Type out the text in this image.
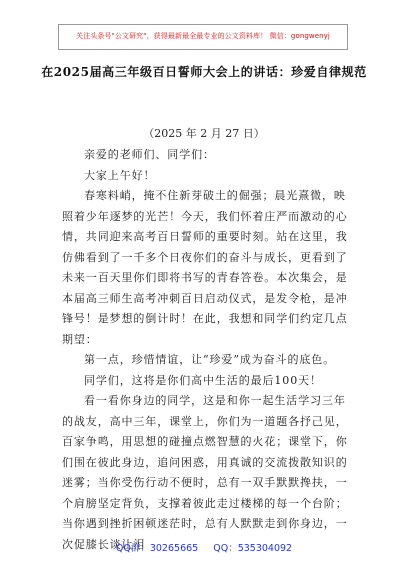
关注头条号"公文研究"，获得最新最全最专业的公文资料库！ 微信：gongwenyj
在2025届高三年级百日誓师大会上的讲话：珍爱自律规范
（2025 年 2 月 27 日）

亲爱的老师们、同学们：

大家上午好！

春寒料峭，掩不住新芽破土的倔强；晨光熹微，映照着少年逐梦的光芒！今天，我们怀着庄严而激动的心情，共同迎来高考百日誓师的重要时刻。站在这里，我仿佛看到了一千多个日夜你们的奋斗与成长，更看到了未来一百天里你们即将书写的青春答卷。本次集会，是本届高三师生高考冲刺百日启动仪式，是发令枪，是冲锋号！是梦想的倒计时！在此，我想和同学们约定几点期望：

第一点，珍惜情谊，让“珍爱”成为奋斗的底色。

同学们，这将是你们高中生活的最后100天！

看一看你身边的同学，这是和你一起生活学习三年的战友，高中三年，课堂上，你们为一道题各抒己见，百家争鸣，用思想的碰撞点燃智慧的火花；课堂下，你们围在彼此身边，追问困惑，用真诚的交流拨散知识的迷雾；当你受伤行动不便时，总有一双手默默搀扶，一个肩膀坚定背负，支撑着彼此走过楼梯的每一个台阶；当你遇到挫折困顿迷茫时，总有人默默走到你身边，一次促膝长谈让泪

QQ群：30265665 QQ：535304092
